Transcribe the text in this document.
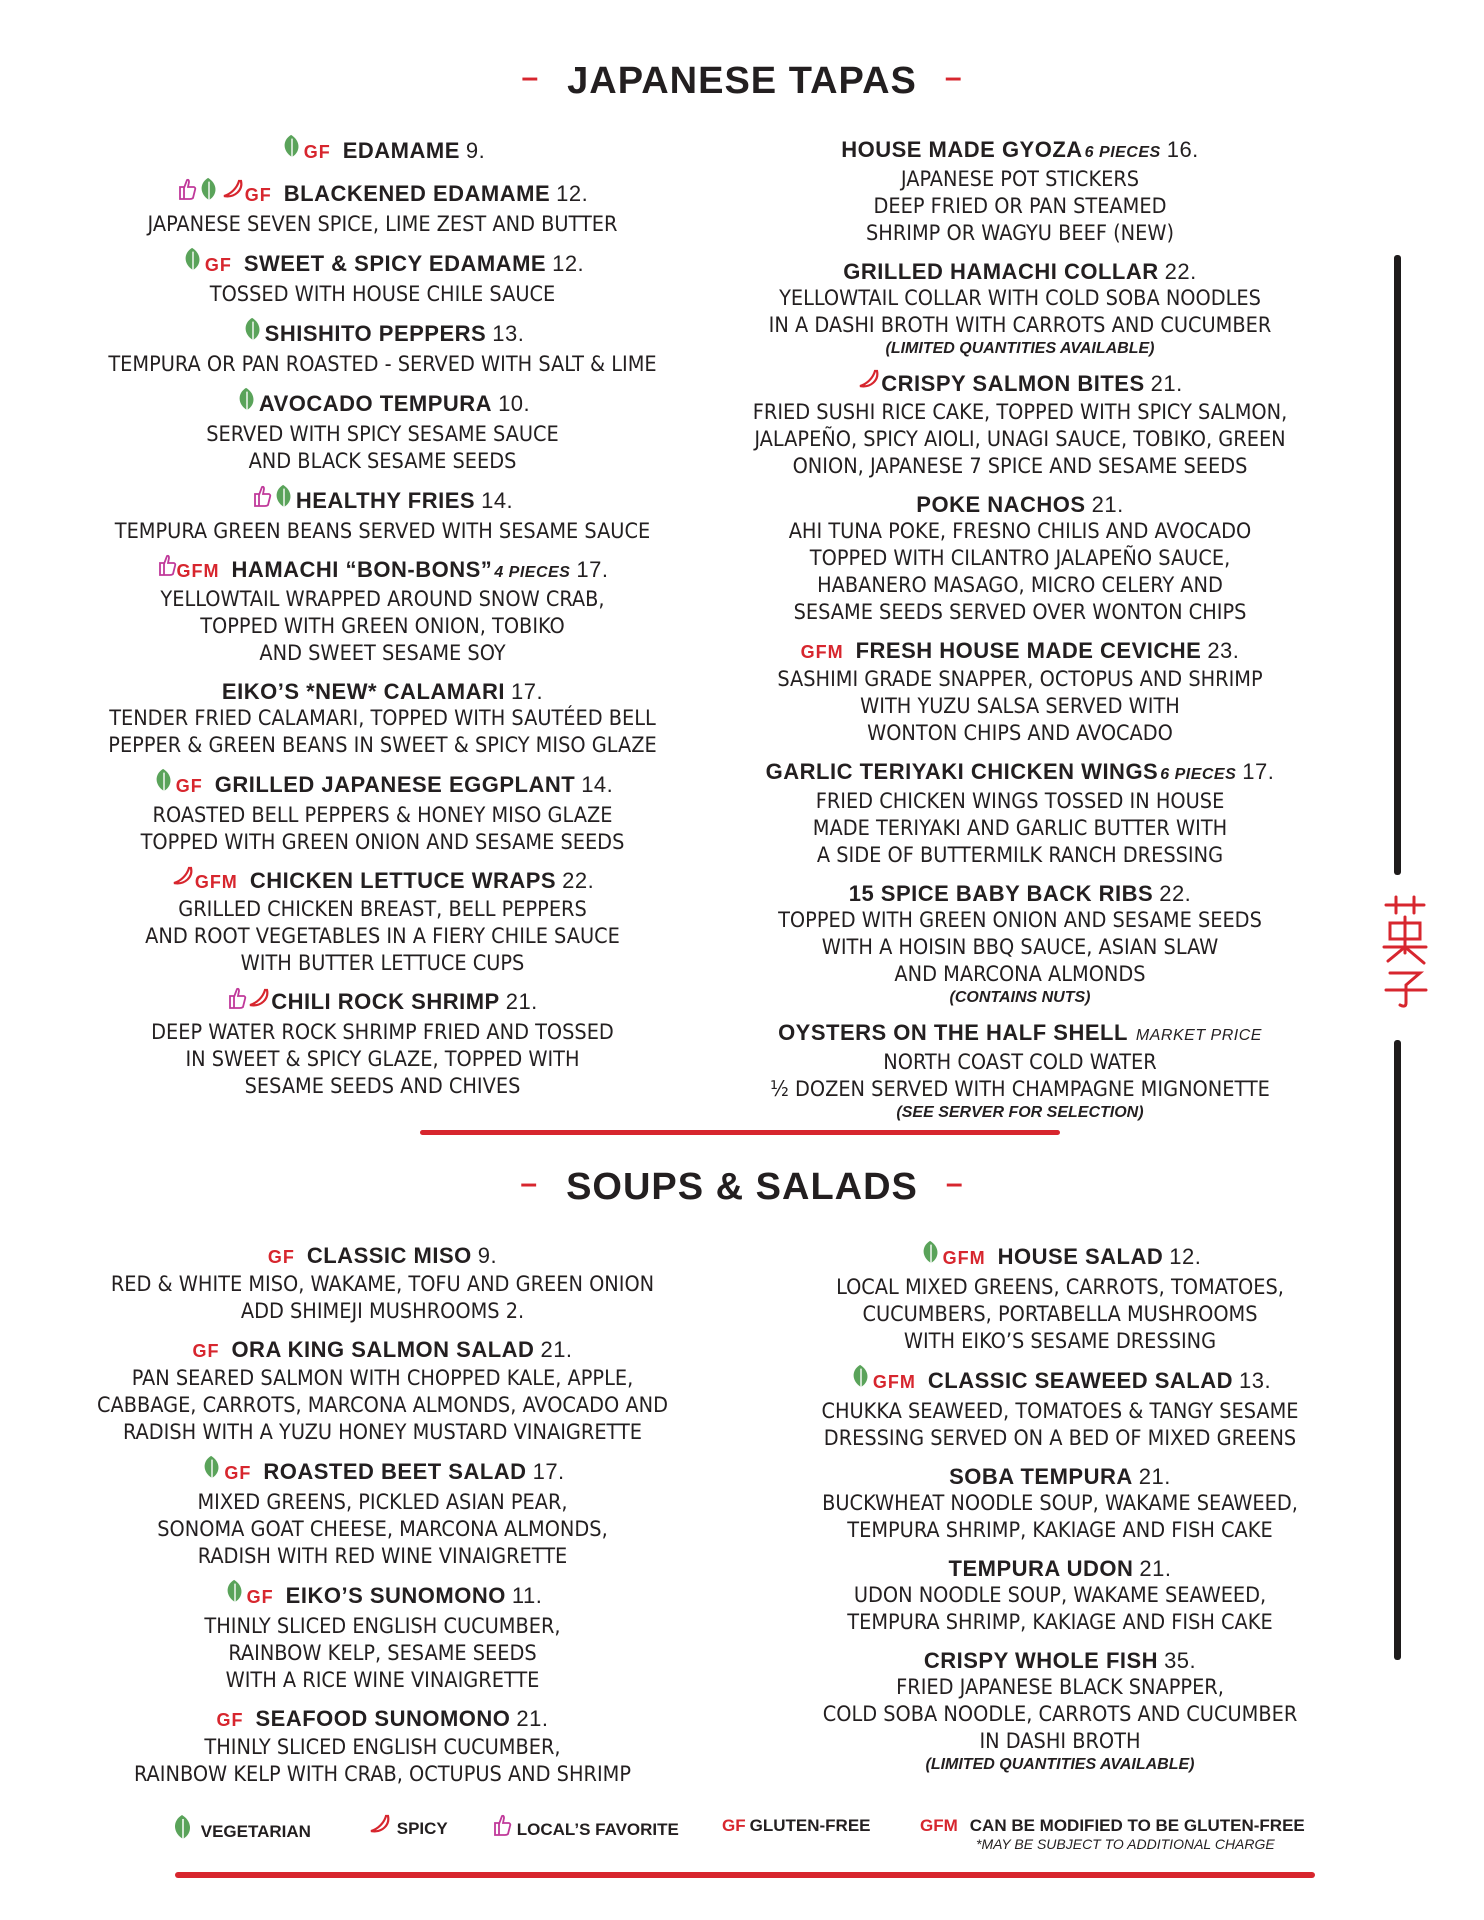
– JAPANESE TAPAS –
GF EDAMAME 9.
GF BLACKENED EDAMAME 12.
JAPANESE SEVEN SPICE, LIME ZEST AND BUTTER
GF SWEET & SPICY EDAMAME 12.
TOSSED WITH HOUSE CHILE SAUCE
SHISHITO PEPPERS 13.
TEMPURA OR PAN ROASTED - SERVED WITH SALT & LIME
AVOCADO TEMPURA 10.
SERVED WITH SPICY SESAME SAUCE
AND BLACK SESAME SEEDS
HEALTHY FRIES 14.
TEMPURA GREEN BEANS SERVED WITH SESAME SAUCE
GFM HAMACHI “BON-BONS” 4 PIECES 17.
YELLOWTAIL WRAPPED AROUND SNOW CRAB,
TOPPED WITH GREEN ONION, TOBIKO
AND SWEET SESAME SOY
EIKO’S *NEW* CALAMARI 17.
TENDER FRIED CALAMARI, TOPPED WITH SAUTÉED BELL
PEPPER & GREEN BEANS IN SWEET & SPICY MISO GLAZE
GF GRILLED JAPANESE EGGPLANT 14.
ROASTED BELL PEPPERS & HONEY MISO GLAZE
TOPPED WITH GREEN ONION AND SESAME SEEDS
GFM CHICKEN LETTUCE WRAPS 22.
GRILLED CHICKEN BREAST, BELL PEPPERS
AND ROOT VEGETABLES IN A FIERY CHILE SAUCE
WITH BUTTER LETTUCE CUPS
CHILI ROCK SHRIMP 21.
DEEP WATER ROCK SHRIMP FRIED AND TOSSED
IN SWEET & SPICY GLAZE, TOPPED WITH
SESAME SEEDS AND CHIVES
HOUSE MADE GYOZA 6 PIECES 16.
JAPANESE POT STICKERS
DEEP FRIED OR PAN STEAMED
SHRIMP OR WAGYU BEEF (NEW)
GRILLED HAMACHI COLLAR 22.
YELLOWTAIL COLLAR WITH COLD SOBA NOODLES
IN A DASHI BROTH WITH CARROTS AND CUCUMBER
(LIMITED QUANTITIES AVAILABLE)
CRISPY SALMON BITES 21.
FRIED SUSHI RICE CAKE, TOPPED WITH SPICY SALMON,
JALAPEÑO, SPICY AIOLI, UNAGI SAUCE, TOBIKO, GREEN
ONION, JAPANESE 7 SPICE AND SESAME SEEDS
POKE NACHOS 21.
AHI TUNA POKE, FRESNO CHILIS AND AVOCADO
TOPPED WITH CILANTRO JALAPEÑO SAUCE,
HABANERO MASAGO, MICRO CELERY AND
SESAME SEEDS SERVED OVER WONTON CHIPS
GFM FRESH HOUSE MADE CEVICHE 23.
SASHIMI GRADE SNAPPER, OCTOPUS AND SHRIMP
WITH YUZU SALSA SERVED WITH
WONTON CHIPS AND AVOCADO
GARLIC TERIYAKI CHICKEN WINGS 6 PIECES 17.
FRIED CHICKEN WINGS TOSSED IN HOUSE
MADE TERIYAKI AND GARLIC BUTTER WITH
A SIDE OF BUTTERMILK RANCH DRESSING
15 SPICE BABY BACK RIBS 22.
TOPPED WITH GREEN ONION AND SESAME SEEDS
WITH A HOISIN BBQ SAUCE, ASIAN SLAW
AND MARCONA ALMONDS
(CONTAINS NUTS)
OYSTERS ON THE HALF SHELL MARKET PRICE
NORTH COAST COLD WATER
½ DOZEN SERVED WITH CHAMPAGNE MIGNONETTE
(SEE SERVER FOR SELECTION)
– SOUPS & SALADS –
GF CLASSIC MISO 9.
RED & WHITE MISO, WAKAME, TOFU AND GREEN ONION
ADD SHIMEJI MUSHROOMS 2.
GF ORA KING SALMON SALAD 21.
PAN SEARED SALMON WITH CHOPPED KALE, APPLE,
CABBAGE, CARROTS, MARCONA ALMONDS, AVOCADO AND
RADISH WITH A YUZU HONEY MUSTARD VINAIGRETTE
GF ROASTED BEET SALAD 17.
MIXED GREENS, PICKLED ASIAN PEAR,
SONOMA GOAT CHEESE, MARCONA ALMONDS,
RADISH WITH RED WINE VINAIGRETTE
GF EIKO’S SUNOMONO 11.
THINLY SLICED ENGLISH CUCUMBER,
RAINBOW KELP, SESAME SEEDS
WITH A RICE WINE VINAIGRETTE
GF SEAFOOD SUNOMONO 21.
THINLY SLICED ENGLISH CUCUMBER,
RAINBOW KELP WITH CRAB, OCTUPUS AND SHRIMP
GFM HOUSE SALAD 12.
LOCAL MIXED GREENS, CARROTS, TOMATOES,
CUCUMBERS, PORTABELLA MUSHROOMS
WITH EIKO’S SESAME DRESSING
GFM CLASSIC SEAWEED SALAD 13.
CHUKKA SEAWEED, TOMATOES & TANGY SESAME
DRESSING SERVED ON A BED OF MIXED GREENS
SOBA TEMPURA 21.
BUCKWHEAT NOODLE SOUP, WAKAME SEAWEED,
TEMPURA SHRIMP, KAKIAGE AND FISH CAKE
TEMPURA UDON 21.
UDON NOODLE SOUP, WAKAME SEAWEED,
TEMPURA SHRIMP, KAKIAGE AND FISH CAKE
CRISPY WHOLE FISH 35.
FRIED JAPANESE BLACK SNAPPER,
COLD SOBA NOODLE, CARROTS AND CUCUMBER
IN DASHI BROTH
(LIMITED QUANTITIES AVAILABLE)
VEGETARIAN	SPICY	LOCAL’S FAVORITE	GF GLUTEN-FREE	GFM CAN BE MODIFIED TO BE GLUTEN-FREE
*MAY BE SUBJECT TO ADDITIONAL CHARGE
